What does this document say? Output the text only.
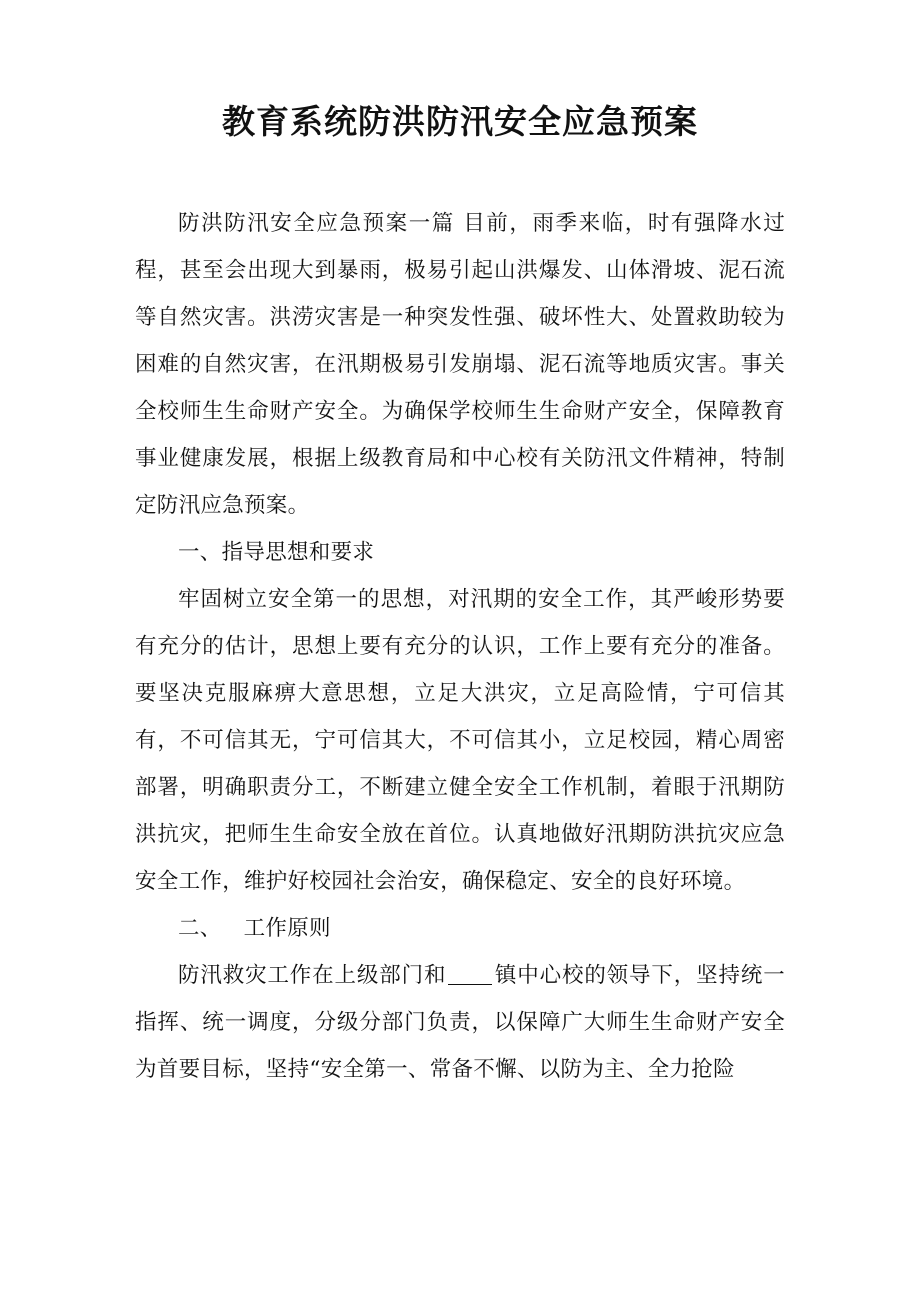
教育系统防洪防汛安全应急预案

防洪防汛安全应急预案一篇 目前，雨季来临，时有强降水过程，甚至会出现大到暴雨，极易引起山洪爆发、山体滑坡、泥石流等自然灾害。洪涝灾害是一种突发性强、破坏性大、处置救助较为困难的自然灾害，在汛期极易引发崩塌、泥石流等地质灾害。事关全校师生生命财产安全。为确保学校师生生命财产安全，保障教育事业健康发展，根据上级教育局和中心校有关防汛文件精神，特制定防汛应急预案。

一、指导思想和要求

牢固树立安全第一的思想，对汛期的安全工作，其严峻形势要有充分的估计，思想上要有充分的认识，工作上要有充分的准备。要坚决克服麻痹大意思想，立足大洪灾，立足高险情，宁可信其有，不可信其无，宁可信其大，不可信其小，立足校园，精心周密部署，明确职责分工，不断建立健全安全工作机制，着眼于汛期防洪抗灾，把师生生命安全放在首位。认真地做好汛期防洪抗灾应急安全工作，维护好校园社会治安，确保稳定、安全的良好环境。

二、 工作原则

防汛救灾工作在上级部门和 镇中心校的领导下，坚持统一指挥、统一调度，分级分部门负责，以保障广大师生生命财产安全为首要目标，坚持“安全第一、常备不懈、以防为主、全力抢险
